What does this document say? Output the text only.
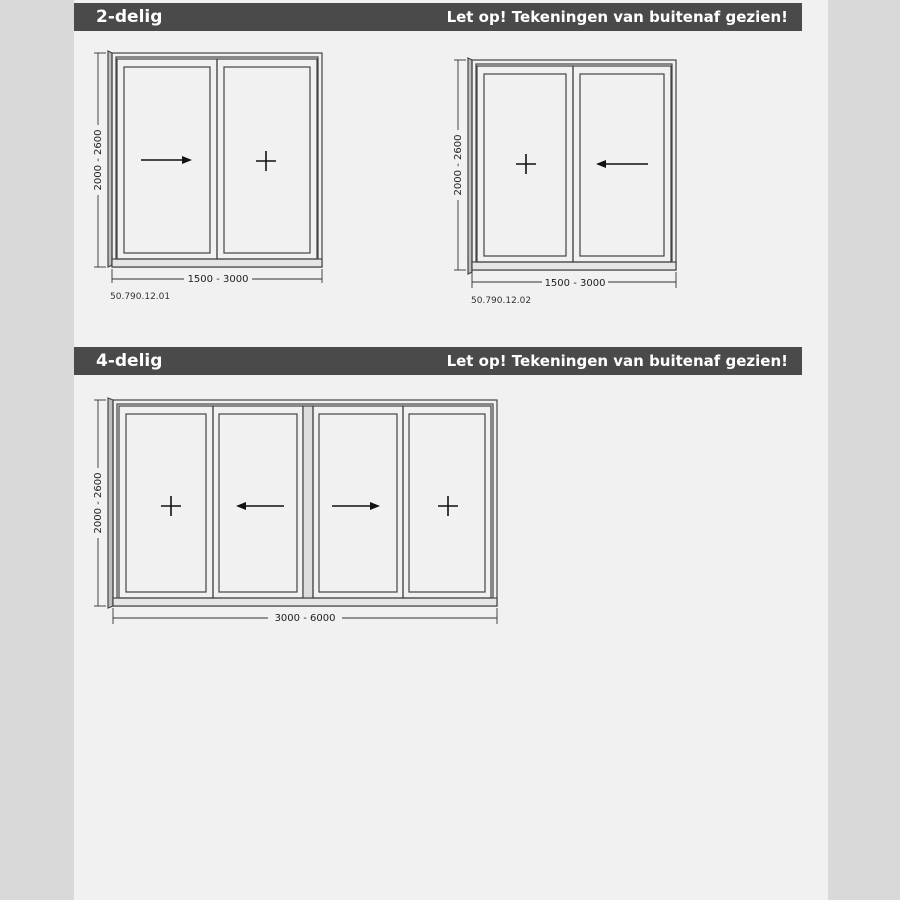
2-delig	Let op! Tekeningen van buitenaf gezien!
2000 - 2600
1500 - 3000
50.790.12.01
2000 - 2600
1500 - 3000
50.790.12.02
4-delig	Let op! Tekeningen van buitenaf gezien!
2000 - 2600
3000 - 6000
